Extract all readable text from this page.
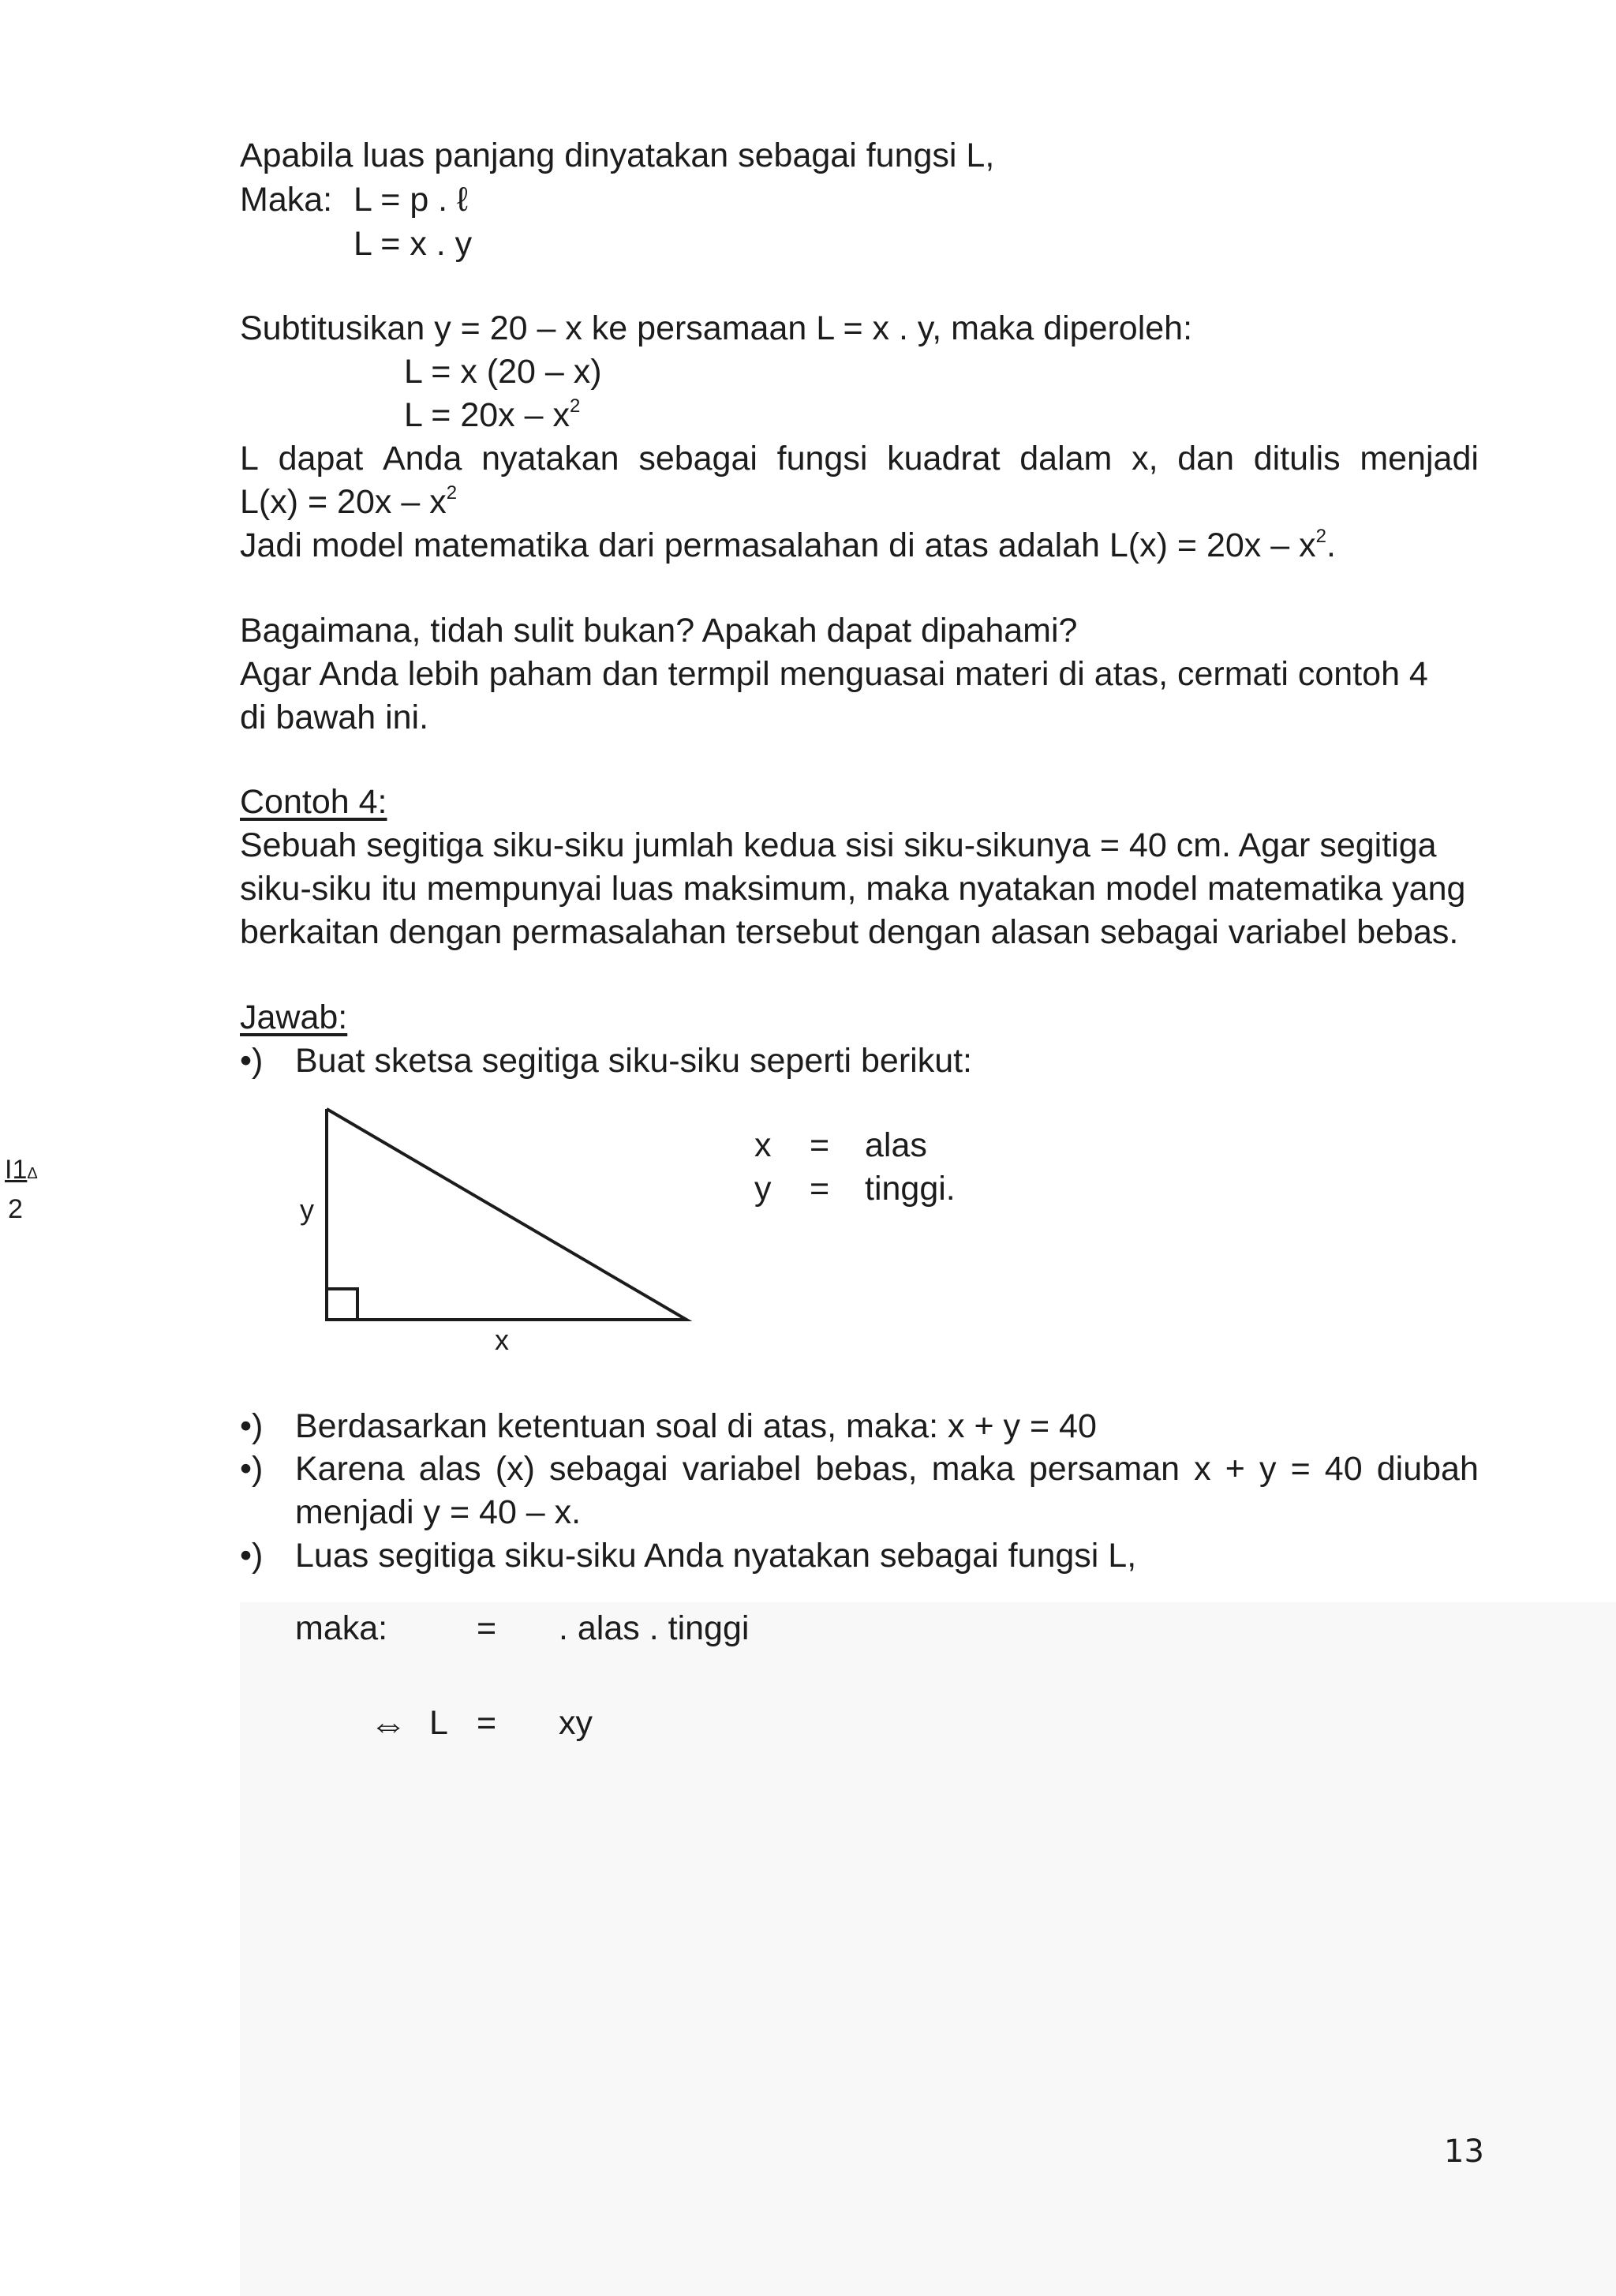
I1Δ
2
Apabila luas panjang dinyatakan sebagai fungsi L,
Maka: L = p . ℓ
L = x . y
Subtitusikan y = 20 – x ke persamaan L = x . y, maka diperoleh:
L = x (20 – x)
$L = 20x - x^2$
L dapat Anda nyatakan sebagai fungsi kuadrat dalam x, dan ditulis menjadi
$L(x) = 20x - x^2$
Jadi model matematika dari permasalahan di atas adalah $L(x) = 20x - x^2$.
Bagaimana, tidah sulit bukan? Apakah dapat dipahami?
Agar Anda lebih paham dan termpil menguasai materi di atas, cermati contoh 4
di bawah ini.
Contoh 4:
Sebuah segitiga siku-siku jumlah kedua sisi siku-sikunya = 40 cm. Agar segitiga
siku-siku itu mempunyai luas maksimum, maka nyatakan model matematika yang
berkaitan dengan permasalahan tersebut dengan alasan sebagai variabel bebas.
Jawab:
•) Buat sketsa segitiga siku-siku seperti berikut:
y
x
x = alas
y = tinggi.
•) Berdasarkan ketentuan soal di atas, maka: x + y = 40
•) Karena alas (x) sebagai variabel bebas, maka persaman x + y = 40 diubah
menjadi y = 40 – x.
•) Luas segitiga siku-siku Anda nyatakan sebagai fungsi L,
maka:	= . alas . tinggi
⇔ L = xy
13
